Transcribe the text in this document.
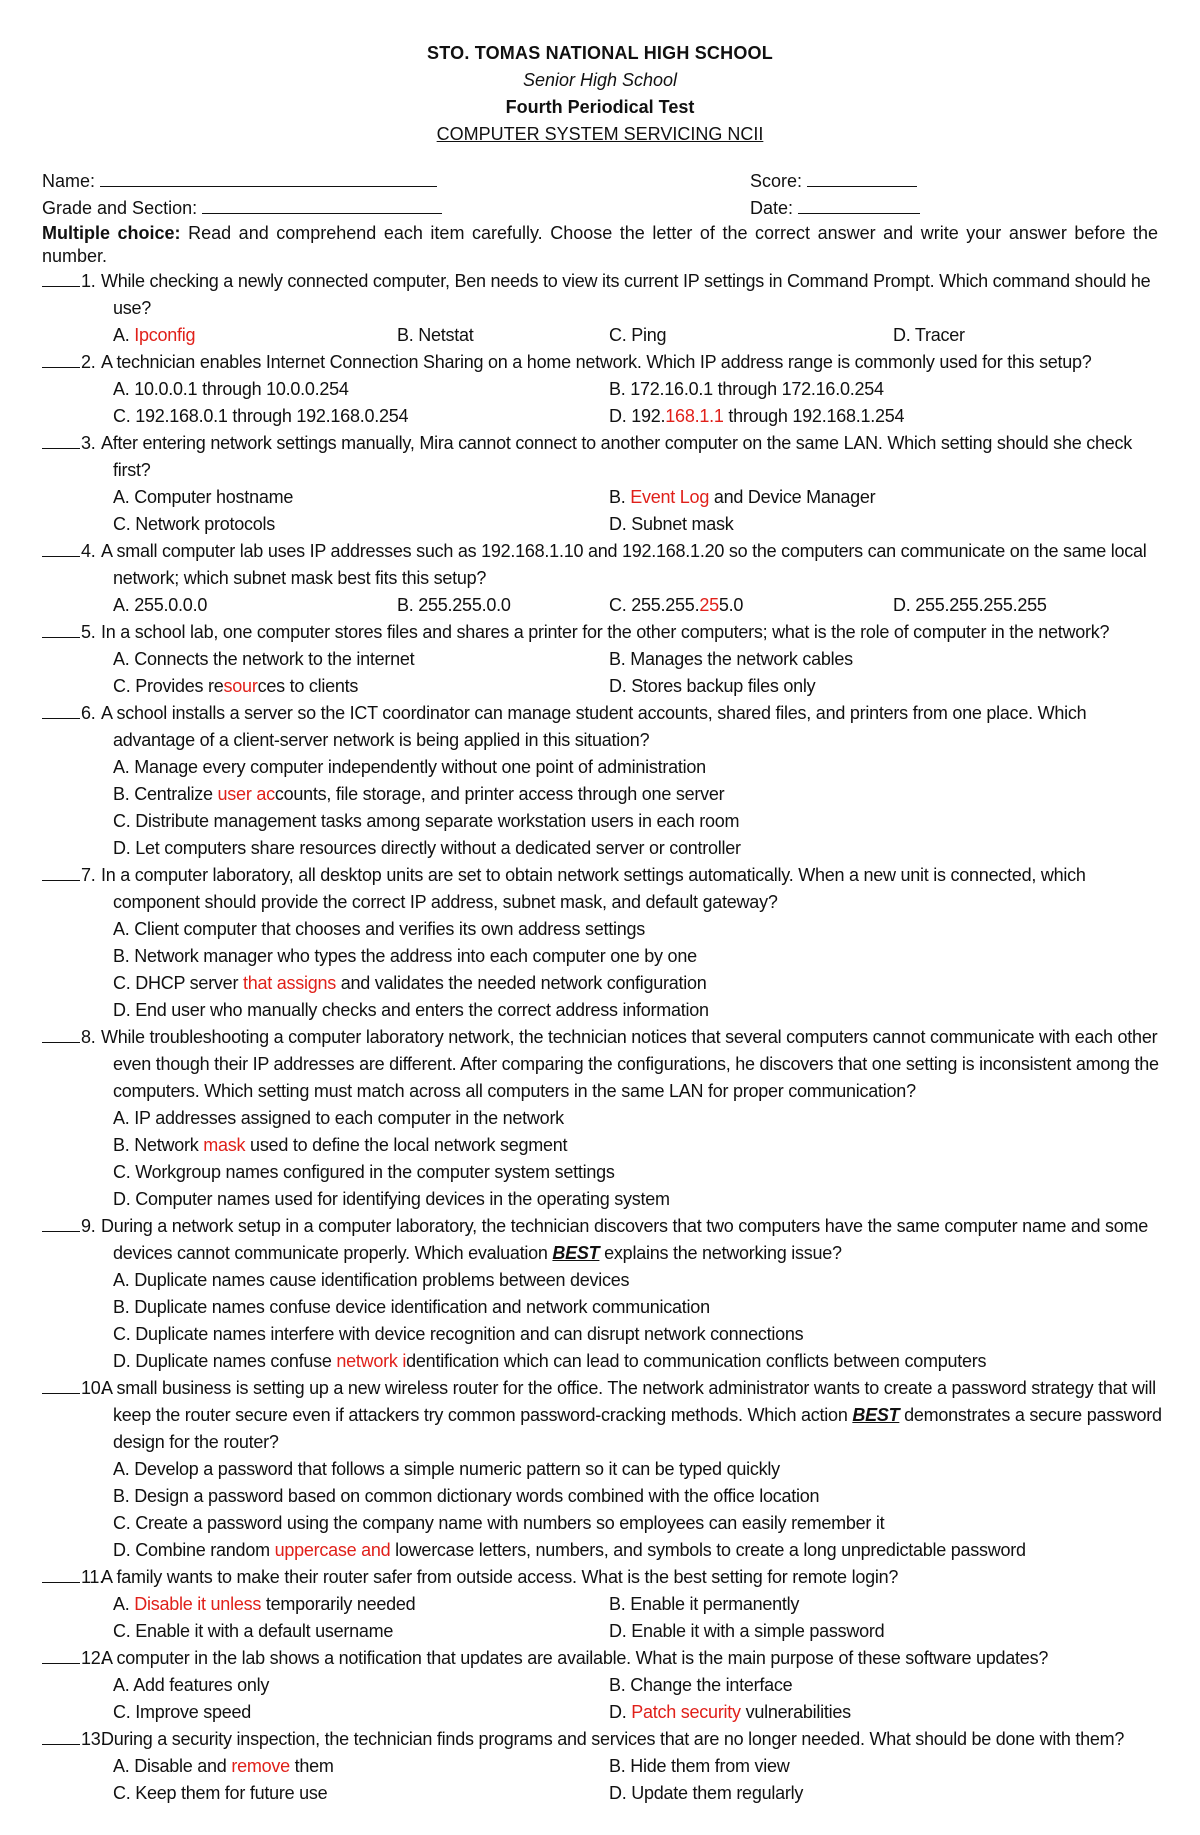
STO. TOMAS NATIONAL HIGH SCHOOL
Senior High School
Fourth Periodical Test
COMPUTER SYSTEM SERVICING NCII
Name:	Score:
Grade and Section:	Date:
Multiple choice: Read and comprehend each item carefully. Choose the letter of the correct answer and write your answer before the number.
1. While checking a newly connected computer, Ben needs to view its current IP settings in Command Prompt. Which command should he use?
A. Ipconfig	B. Netstat	C. Ping	D. Tracer
2. A technician enables Internet Connection Sharing on a home network. Which IP address range is commonly used for this setup?
A. 10.0.0.1 through 10.0.0.254	B. 172.16.0.1 through 172.16.0.254
C. 192.168.0.1 through 192.168.0.254	D. 192.168.1.1 through 192.168.1.254
3. After entering network settings manually, Mira cannot connect to another computer on the same LAN. Which setting should she check first?
A. Computer hostname	B. Event Log and Device Manager
C. Network protocols	D. Subnet mask
4. A small computer lab uses IP addresses such as 192.168.1.10 and 192.168.1.20 so the computers can communicate on the same local network; which subnet mask best fits this setup?
A. 255.0.0.0	B. 255.255.0.0	C. 255.255.255.0	D. 255.255.255.255
5. In a school lab, one computer stores files and shares a printer for the other computers; what is the role of computer in the network?
A. Connects the network to the internet	B. Manages the network cables
C. Provides resources to clients	D. Stores backup files only
6. A school installs a server so the ICT coordinator can manage student accounts, shared files, and printers from one place. Which advantage of a client-server network is being applied in this situation?
A. Manage every computer independently without one point of administration
B. Centralize user accounts, file storage, and printer access through one server
C. Distribute management tasks among separate workstation users in each room
D. Let computers share resources directly without a dedicated server or controller
7. In a computer laboratory, all desktop units are set to obtain network settings automatically. When a new unit is connected, which component should provide the correct IP address, subnet mask, and default gateway?
A. Client computer that chooses and verifies its own address settings
B. Network manager who types the address into each computer one by one
C. DHCP server that assigns and validates the needed network configuration
D. End user who manually checks and enters the correct address information
8. While troubleshooting a computer laboratory network, the technician notices that several computers cannot communicate with each other even though their IP addresses are different. After comparing the configurations, he discovers that one setting is inconsistent among the computers. Which setting must match across all computers in the same LAN for proper communication?
A. IP addresses assigned to each computer in the network
B. Network mask used to define the local network segment
C. Workgroup names configured in the computer system settings
D. Computer names used for identifying devices in the operating system
9. During a network setup in a computer laboratory, the technician discovers that two computers have the same computer name and some devices cannot communicate properly. Which evaluation BEST explains the networking issue?
A. Duplicate names cause identification problems between devices
B. Duplicate names confuse device identification and network communication
C. Duplicate names interfere with device recognition and can disrupt network connections
D. Duplicate names confuse network identification which can lead to communication conflicts between computers
10.
A small business is setting up a new wireless router for the office. The network administrator wants to create a password strategy that will keep the router secure even if attackers try common password-cracking methods. Which action BEST demonstrates a secure password design for the router?
A. Develop a password that follows a simple numeric pattern so it can be typed quickly
B. Design a password based on common dictionary words combined with the office location
C. Create a password using the company name with numbers so employees can easily remember it
D. Combine random uppercase and lowercase letters, numbers, and symbols to create a long unpredictable password
11.
A family wants to make their router safer from outside access. What is the best setting for remote login?
A. Disable it unless temporarily needed	B. Enable it permanently
C. Enable it with a default username	D. Enable it with a simple password
12.
A computer in the lab shows a notification that updates are available. What is the main purpose of these software updates?
A. Add features only	B. Change the interface
C. Improve speed	D. Patch security vulnerabilities
13.
During a security inspection, the technician finds programs and services that are no longer needed. What should be done with them?
A. Disable and remove them	B. Hide them from view
C. Keep them for future use	D. Update them regularly
